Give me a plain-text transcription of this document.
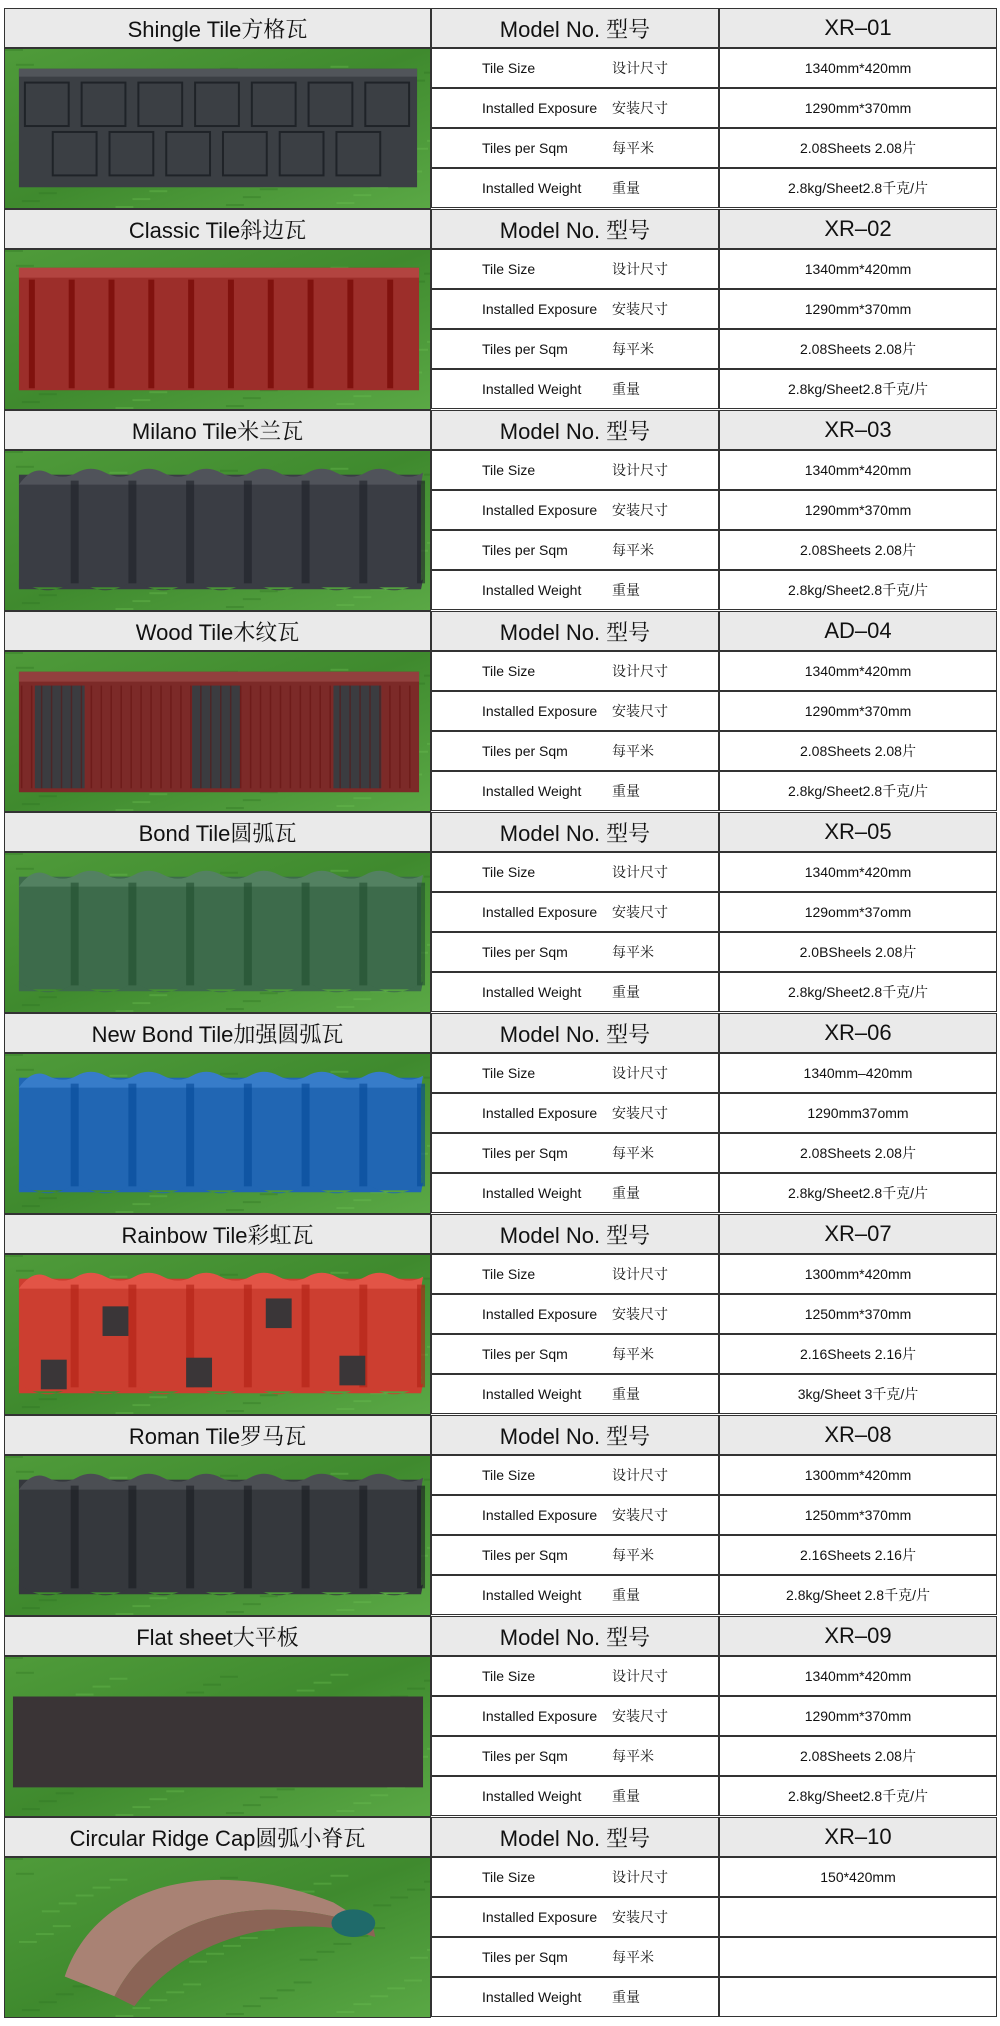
Shingle Tile方格瓦	Model No. 型号	XR–01
Tile Size	设计尺寸	1340mm*420mm
Installed Exposure 安装尺寸	1290mm*370mm
Tiles per Sqm	每平米	2.08Sheets 2.08片
Installed Weight 重量	2.8kg/Sheet2.8千克/片
Classic Tile斜边瓦	Model No. 型号	XR–02
Tile Size	设计尺寸	1340mm*420mm
Installed Exposure 安装尺寸	1290mm*370mm
Tiles per Sqm	每平米	2.08Sheets 2.08片
Installed Weight 重量	2.8kg/Sheet2.8千克/片
Milano Tile米兰瓦	Model No. 型号	XR–03
Tile Size	设计尺寸	1340mm*420mm
Installed Exposure 安装尺寸	1290mm*370mm
Tiles per Sqm	每平米	2.08Sheets 2.08片
Installed Weight 重量	2.8kg/Sheet2.8千克/片
Wood Tile木纹瓦	Model No. 型号	AD–04
Tile Size	设计尺寸	1340mm*420mm
Installed Exposure 安装尺寸	1290mm*370mm
Tiles per Sqm	每平米	2.08Sheets 2.08片
Installed Weight 重量	2.8kg/Sheet2.8千克/片
Bond Tile圆弧瓦	Model No. 型号	XR–05
Tile Size	设计尺寸	1340mm*420mm
Installed Exposure 安装尺寸	129omm*37omm
Tiles per Sqm	每平米	2.0BSheels 2.08片
Installed Weight 重量	2.8kg/Sheet2.8千克/片
New Bond Tile加强圆弧瓦	Model No. 型号	XR–06
Tile Size	设计尺寸	1340mm–420mm
Installed Exposure 安装尺寸	1290mm37omm
Tiles per Sqm	每平米	2.08Sheets 2.08片
Installed Weight 重量	2.8kg/Sheet2.8千克/片
Rainbow Tile彩虹瓦	Model No. 型号	XR–07
Tile Size	设计尺寸	1300mm*420mm
Installed Exposure 安装尺寸	1250mm*370mm
Tiles per Sqm	每平米	2.16Sheets 2.16片
Installed Weight 重量	3kg/Sheet 3千克/片
Roman Tile罗马瓦	Model No. 型号	XR–08
Tile Size	设计尺寸	1300mm*420mm
Installed Exposure 安装尺寸	1250mm*370mm
Tiles per Sqm	每平米	2.16Sheets 2.16片
Installed Weight 重量	2.8kg/Sheet 2.8千克/片
Flat sheet大平板	Model No. 型号	XR–09
Tile Size	设计尺寸	1340mm*420mm
Installed Exposure 安装尺寸	1290mm*370mm
Tiles per Sqm	每平米	2.08Sheets 2.08片
Installed Weight 重量	2.8kg/Sheet2.8千克/片
Circular Ridge Cap圆弧小脊瓦	Model No. 型号	XR–10
Tile Size	设计尺寸	150*420mm
Installed Exposure 安装尺寸
Tiles per Sqm	每平米
Installed Weight 重量
